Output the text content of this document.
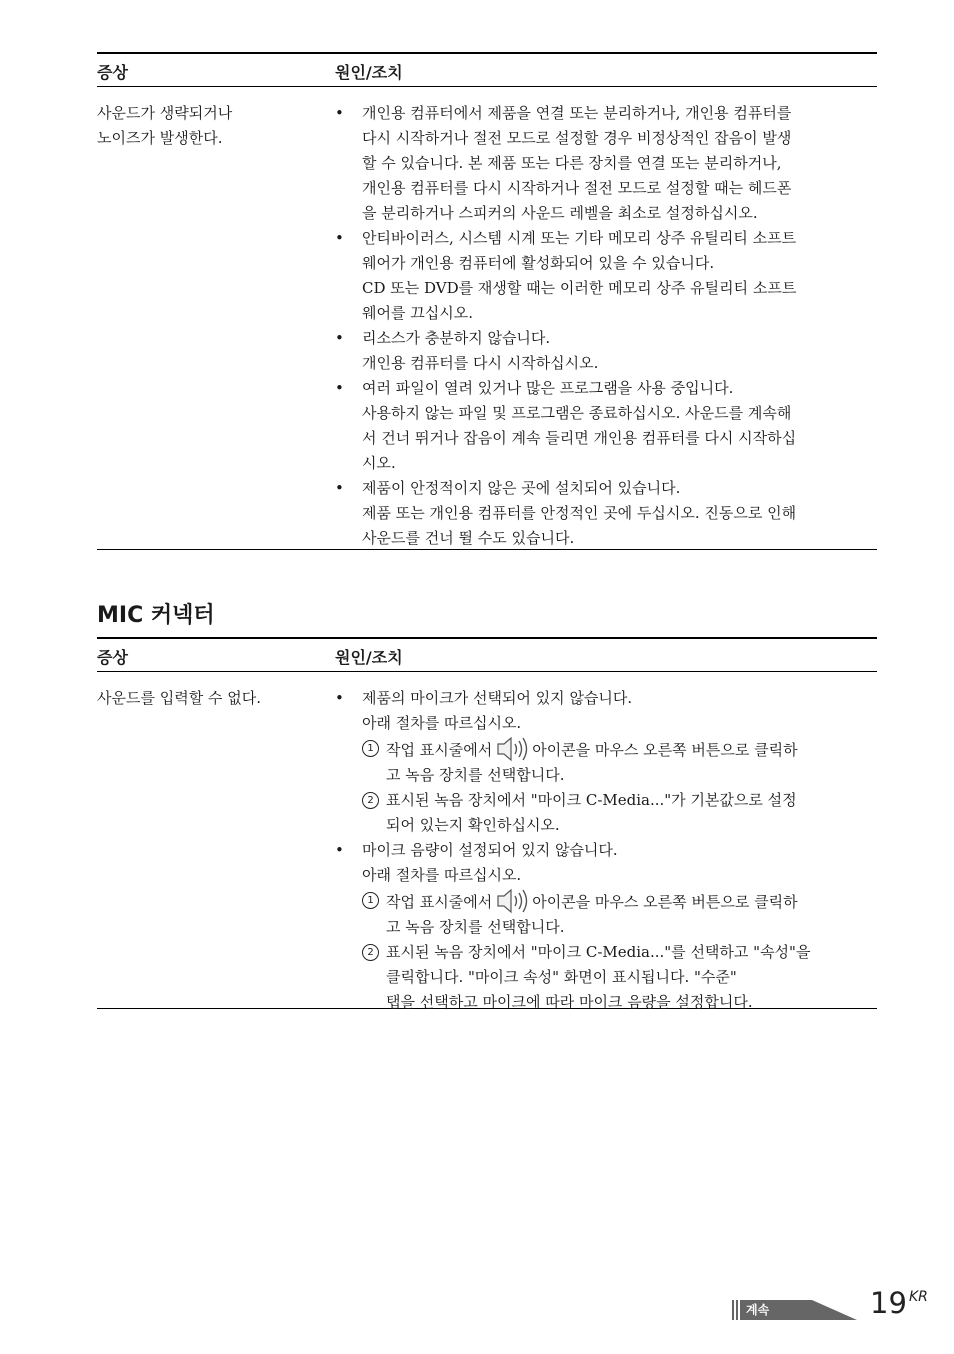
증상	원인/조치
사운드가 생략되거나
노이즈가 발생한다.
• 개인용 컴퓨터에서 제품을 연결 또는 분리하거나, 개인용 컴퓨터를
다시 시작하거나 절전 모드로 설정할 경우 비정상적인 잡음이 발생
할 수 있습니다. 본 제품 또는 다른 장치를 연결 또는 분리하거나,
개인용 컴퓨터를 다시 시작하거나 절전 모드로 설정할 때는 헤드폰
을 분리하거나 스피커의 사운드 레벨을 최소로 설정하십시오.
• 안티바이러스, 시스템 시계 또는 기타 메모리 상주 유틸리티 소프트
웨어가 개인용 컴퓨터에 활성화되어 있을 수 있습니다.
CD 또는 DVD를 재생할 때는 이러한 메모리 상주 유틸리티 소프트
웨어를 끄십시오.
• 리소스가 충분하지 않습니다.
개인용 컴퓨터를 다시 시작하십시오.
• 여러 파일이 열려 있거나 많은 프로그램을 사용 중입니다.
사용하지 않는 파일 및 프로그램은 종료하십시오. 사운드를 계속해
서 건너 뛰거나 잡음이 계속 들리면 개인용 컴퓨터를 다시 시작하십
시오.
• 제품이 안정적이지 않은 곳에 설치되어 있습니다.
제품 또는 개인용 컴퓨터를 안정적인 곳에 두십시오. 진동으로 인해
사운드를 건너 뛸 수도 있습니다.
MIC 커넥터
증상	원인/조치
사운드를 입력할 수 없다.
•	제품의 마이크가 선택되어 있지 않습니다.
아래 절차를 따르십시오.
1 작업 표시줄에서	아이콘을 마우스 오른쪽 버튼으로 클릭하
고 녹음 장치를 선택합니다.
2 표시된 녹음 장치에서 "마이크 C-Media..."가 기본값으로 설정
되어 있는지 확인하십시오.
• 마이크 음량이 설정되어 있지 않습니다.
아래 절차를 따르십시오.
1 작업 표시줄에서	아이콘을 마우스 오른쪽 버튼으로 클릭하
고 녹음 장치를 선택합니다.
2 표시된 녹음 장치에서 "마이크 C-Media..."를 선택하고 "속성"을
클릭합니다. "마이크 속성" 화면이 표시됩니다. "수준"
탭을 선택하고 마이크에 따라 마이크 음량을 설정합니다.
계속	19 KR
